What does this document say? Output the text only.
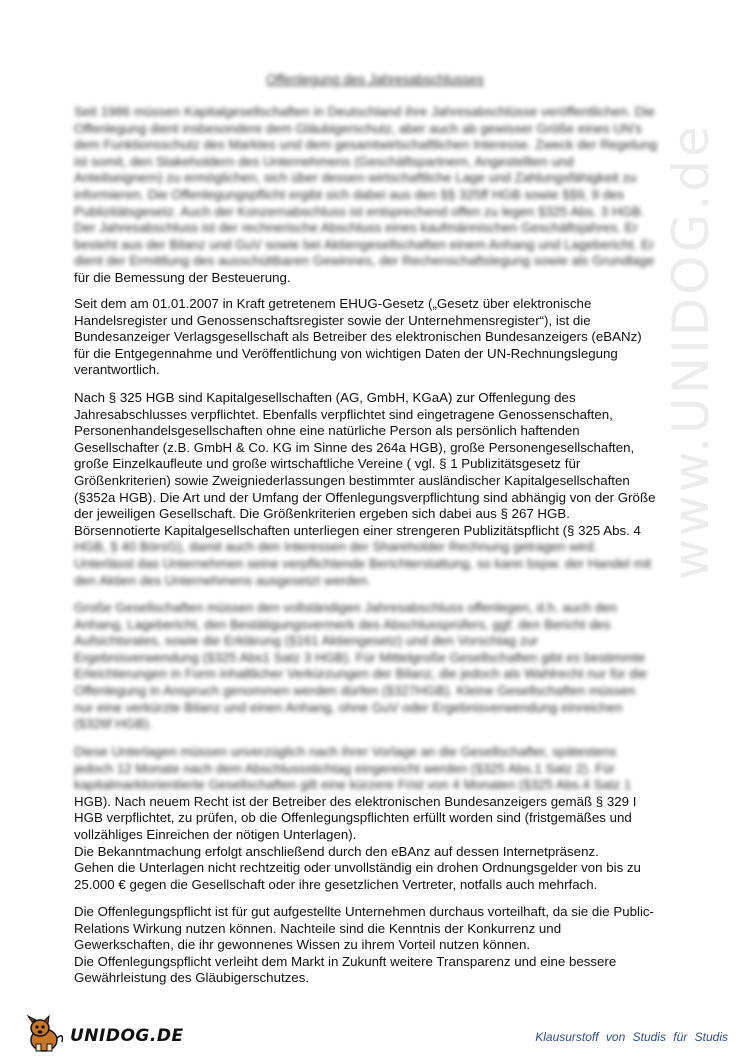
www.UNIDOG.de
Offenlegung des Jahresabschlusses

Seit 1986 müssen Kapitalgesellschaften in Deutschland ihre Jahresabschlüsse veröffentlichen. Die
Offenlegung dient insbesondere dem Gläubigerschutz, aber auch ab gewisser Größe eines UN's
dem Funktionsschutz des Marktes und dem gesamtwirtschaftlichen Interesse. Zweck der Regelung
ist somit, den Stakeholdern des Unternehmens (Geschäftspartnern, Angestellten und
Anteilseignern) zu ermöglichen, sich über dessen wirtschaftliche Lage und Zahlungsfähigkeit zu
informieren. Die Offenlegungspflicht ergibt sich dabei aus den §§ 325ff HGB sowie §§9, 9 des
Publizitätsgesetz. Auch der Konzernabschluss ist entsprechend offen zu legen §325 Abs. 3 HGB.
Der Jahresabschluss ist der rechnerische Abschluss eines kaufmännischen Geschäftsjahres. Er
besteht aus der Bilanz und GuV sowie bei Aktiengesellschaften einem Anhang und Lagebericht. Er
dient der Ermittlung des ausschüttbaren Gewinnes, der Rechenschaftslegung sowie als Grundlage
für die Bemessung der Besteuerung.

Seit dem am 01.01.2007 in Kraft getretenem EHUG-Gesetz („Gesetz über elektronische
Handelsregister und Genossenschaftsregister sowie der Unternehmensregister“), ist die
Bundesanzeiger Verlagsgesellschaft als Betreiber des elektronischen Bundesanzeigers (eBANz)
für die Entgegennahme und Veröffentlichung von wichtigen Daten der UN-Rechnungslegung
verantwortlich.

Nach § 325 HGB sind Kapitalgesellschaften (AG, GmbH, KGaA) zur Offenlegung des
Jahresabschlusses verpflichtet. Ebenfalls verpflichtet sind eingetragene Genossenschaften,
Personenhandelsgesellschaften ohne eine natürliche Person als persönlich haftenden
Gesellschafter (z.B. GmbH & Co. KG im Sinne des 264a HGB), große Personengesellschaften,
große Einzelkaufleute und große wirtschaftliche Vereine ( vgl. § 1 Publizitätsgesetz für
Größenkriterien) sowie Zweigniederlassungen bestimmter ausländischer Kapitalgesellschaften
(§352a HGB). Die Art und der Umfang der Offenlegungsverpflichtung sind abhängig von der Größe
der jeweiligen Gesellschaft. Die Größenkriterien ergeben sich dabei aus § 267 HGB.
Börsennotierte Kapitalgesellschaften unterliegen einer strengeren Publizitätspflicht (§ 325 Abs. 4
HGB, § 40 BörsG), damit auch den Interessen der Shareholder Rechnung getragen wird.
Unterlässt das Unternehmen seine verpflichtende Berichterstattung, so kann bspw. der Handel mit
den Aktien des Unternehmens ausgesetzt werden.

Große Gesellschaften müssen den vollständigen Jahresabschluss offenlegen, d.h. auch den
Anhang, Lagebericht, den Bestätigungsvermerk des Abschlussprüfers, ggf. den Bericht des
Aufsichtsrates, sowie die Erklärung (§161 Aktiengesetz) und den Vorschlag zur
Ergebnisverwendung (§325 Abs1 Satz 3 HGB). Für Mittelgroße Gesellschaften gibt es bestimmte
Erleichterungen in Form inhaltlicher Verkürzungen der Bilanz, die jedoch als Wahlrecht nur für die
Offenlegung in Anspruch genommen werden dürfen (§327HGB). Kleine Gesellschaften müssen
nur eine verkürzte Bilanz und einen Anhang, ohne GuV oder Ergebnisverwendung einreichen
(§326f HGB).

Diese Unterlagen müssen unverzüglich nach ihrer Vorlage an die Gesellschafter, spätestens
jedoch 12 Monate nach dem Abschlussstichtag eingereicht werden (§325 Abs.1 Satz 2). Für
kapitalmarktorientierte Gesellschaften gilt eine kürzere Frist von 4 Monaten (§325 Abs.4 Satz 1
HGB). Nach neuem Recht ist der Betreiber des elektronischen Bundesanzeigers gemäß § 329 I
HGB verpflichtet, zu prüfen, ob die Offenlegungspflichten erfüllt worden sind (fristgemäßes und
vollzähliges Einreichen der nötigen Unterlagen).
Die Bekanntmachung erfolgt anschließend durch den eBAnz auf dessen Internetpräsenz.
Gehen die Unterlagen nicht rechtzeitig oder unvollständig ein drohen Ordnungsgelder von bis zu
25.000 € gegen die Gesellschaft oder ihre gesetzlichen Vertreter, notfalls auch mehrfach.

Die Offenlegungspflicht ist für gut aufgestellte Unternehmen durchaus vorteilhaft, da sie die Public-
Relations Wirkung nutzen können. Nachteile sind die Kenntnis der Konkurrenz und
Gewerkschaften, die ihr gewonnenes Wissen zu ihrem Vorteil nutzen können.
Die Offenlegungspflicht verleiht dem Markt in Zukunft weitere Transparenz und eine bessere
Gewährleistung des Gläubigerschutzes.

UNIDOG.DE	Klausurstoff von Studis für Studis
